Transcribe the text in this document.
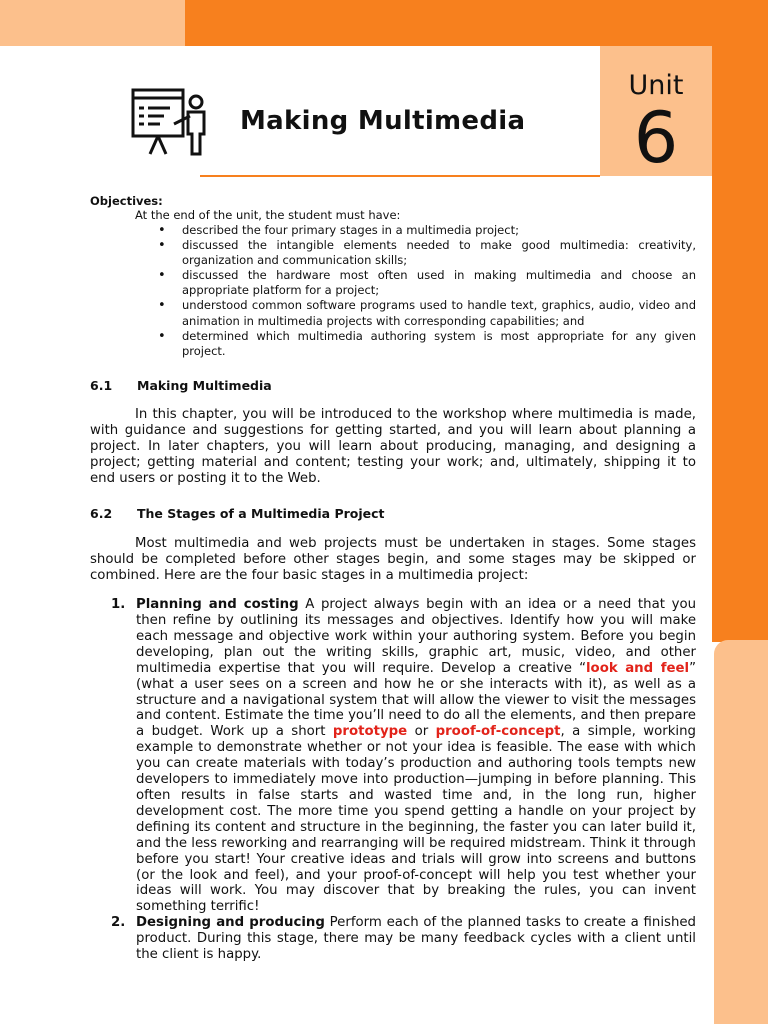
Unit
6
Making Multimedia
Objectives:
At the end of the unit, the student must have:
• described the four primary stages in a multimedia project;
• discussed the intangible elements needed to make good multimedia: creativity, organization and communication skills;
• discussed the hardware most often used in making multimedia and choose an appropriate platform for a project;
• understood common software programs used to handle text, graphics, audio, video and animation in multimedia projects with corresponding capabilities; and
• determined which multimedia authoring system is most appropriate for any given project.
6.1	Making Multimedia

In this chapter, you will be introduced to the workshop where multimedia is made, with guidance and suggestions for getting started, and you will learn about planning a project. In later chapters, you will learn about producing, managing, and designing a project; getting material and content; testing your work; and, ultimately, shipping it to end users or posting it to the Web.

6.2	The Stages of a Multimedia Project

Most multimedia and web projects must be undertaken in stages. Some stages should be completed before other stages begin, and some stages may be skipped or combined. Here are the four basic stages in a multimedia project:

1. Planning and costing A project always begin with an idea or a need that you then refine by outlining its messages and objectives. Identify how you will make each message and objective work within your authoring system. Before you begin developing, plan out the writing skills, graphic art, music, video, and other multimedia expertise that you will require. Develop a creative “look and feel” (what a user sees on a screen and how he or she interacts with it), as well as a structure and a navigational system that will allow the viewer to visit the messages and content. Estimate the time you’ll need to do all the elements, and then prepare a budget. Work up a short prototype or proof-of-concept, a simple, working example to demonstrate whether or not your idea is feasible. The ease with which you can create materials with today’s production and authoring tools tempts new developers to immediately move into production—jumping in before planning. This often results in false starts and wasted time and, in the long run, higher development cost. The more time you spend getting a handle on your project by defining its content and structure in the beginning, the faster you can later build it, and the less reworking and rearranging will be required midstream. Think it through before you start! Your creative ideas and trials will grow into screens and buttons (or the look and feel), and your proof-of-concept will help you test whether your ideas will work. You may discover that by breaking the rules, you can invent something terrific!
2. Designing and producing Perform each of the planned tasks to create a finished product. During this stage, there may be many feedback cycles with a client until the client is happy.
